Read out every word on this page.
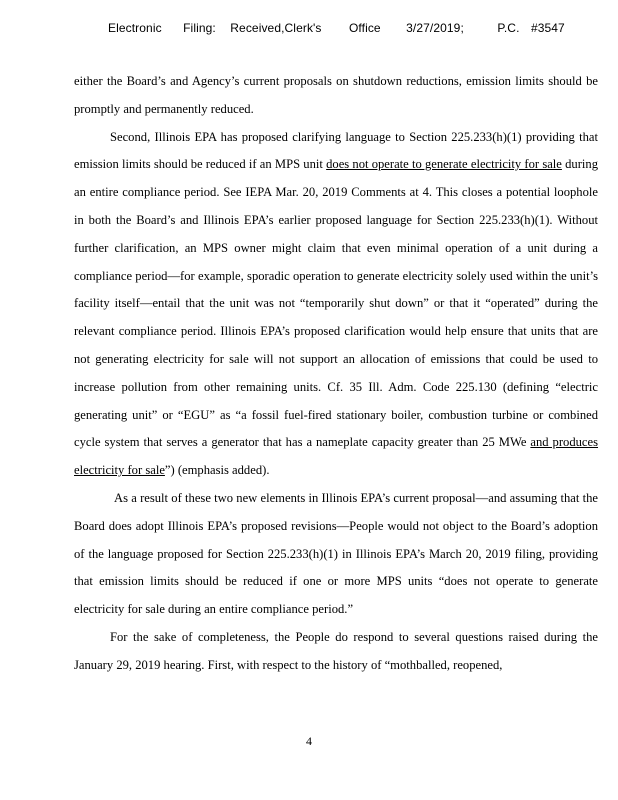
Electronic Filing: Received,Clerk's Office 3/27/2019;	P.C. #3547

either the Board’s and Agency’s current proposals on shutdown reductions, emission limits should be promptly and permanently reduced.

Second, Illinois EPA has proposed clarifying language to Section 225.233(h)(1) providing that emission limits should be reduced if an MPS unit does not operate to generate electricity for sale during an entire compliance period. See IEPA Mar. 20, 2019 Comments at 4. This closes a potential loophole in both the Board’s and Illinois EPA’s earlier proposed language for Section 225.233(h)(1). Without further clarification, an MPS owner might claim that even minimal operation of a unit during a compliance period—for example, sporadic operation to generate electricity solely used within the unit’s facility itself—entail that the unit was not “temporarily shut down” or that it “operated” during the relevant compliance period. Illinois EPA’s proposed clarification would help ensure that units that are not generating electricity for sale will not support an allocation of emissions that could be used to increase pollution from other remaining units. Cf. 35 Ill. Adm. Code 225.130 (defining “electric generating unit” or “EGU” as “a fossil fuel-fired stationary boiler, combustion turbine or combined cycle system that serves a generator that has a nameplate capacity greater than 25 MWe and produces electricity for sale”) (emphasis added).

As a result of these two new elements in Illinois EPA’s current proposal—and assuming that the Board does adopt Illinois EPA’s proposed revisions—People would not object to the Board’s adoption of the language proposed for Section 225.233(h)(1) in Illinois EPA’s March 20, 2019 filing, providing that emission limits should be reduced if one or more MPS units “does not operate to generate electricity for sale during an entire compliance period.”

For the sake of completeness, the People do respond to several questions raised during the January 29, 2019 hearing. First, with respect to the history of “mothballed, reopened,

4
